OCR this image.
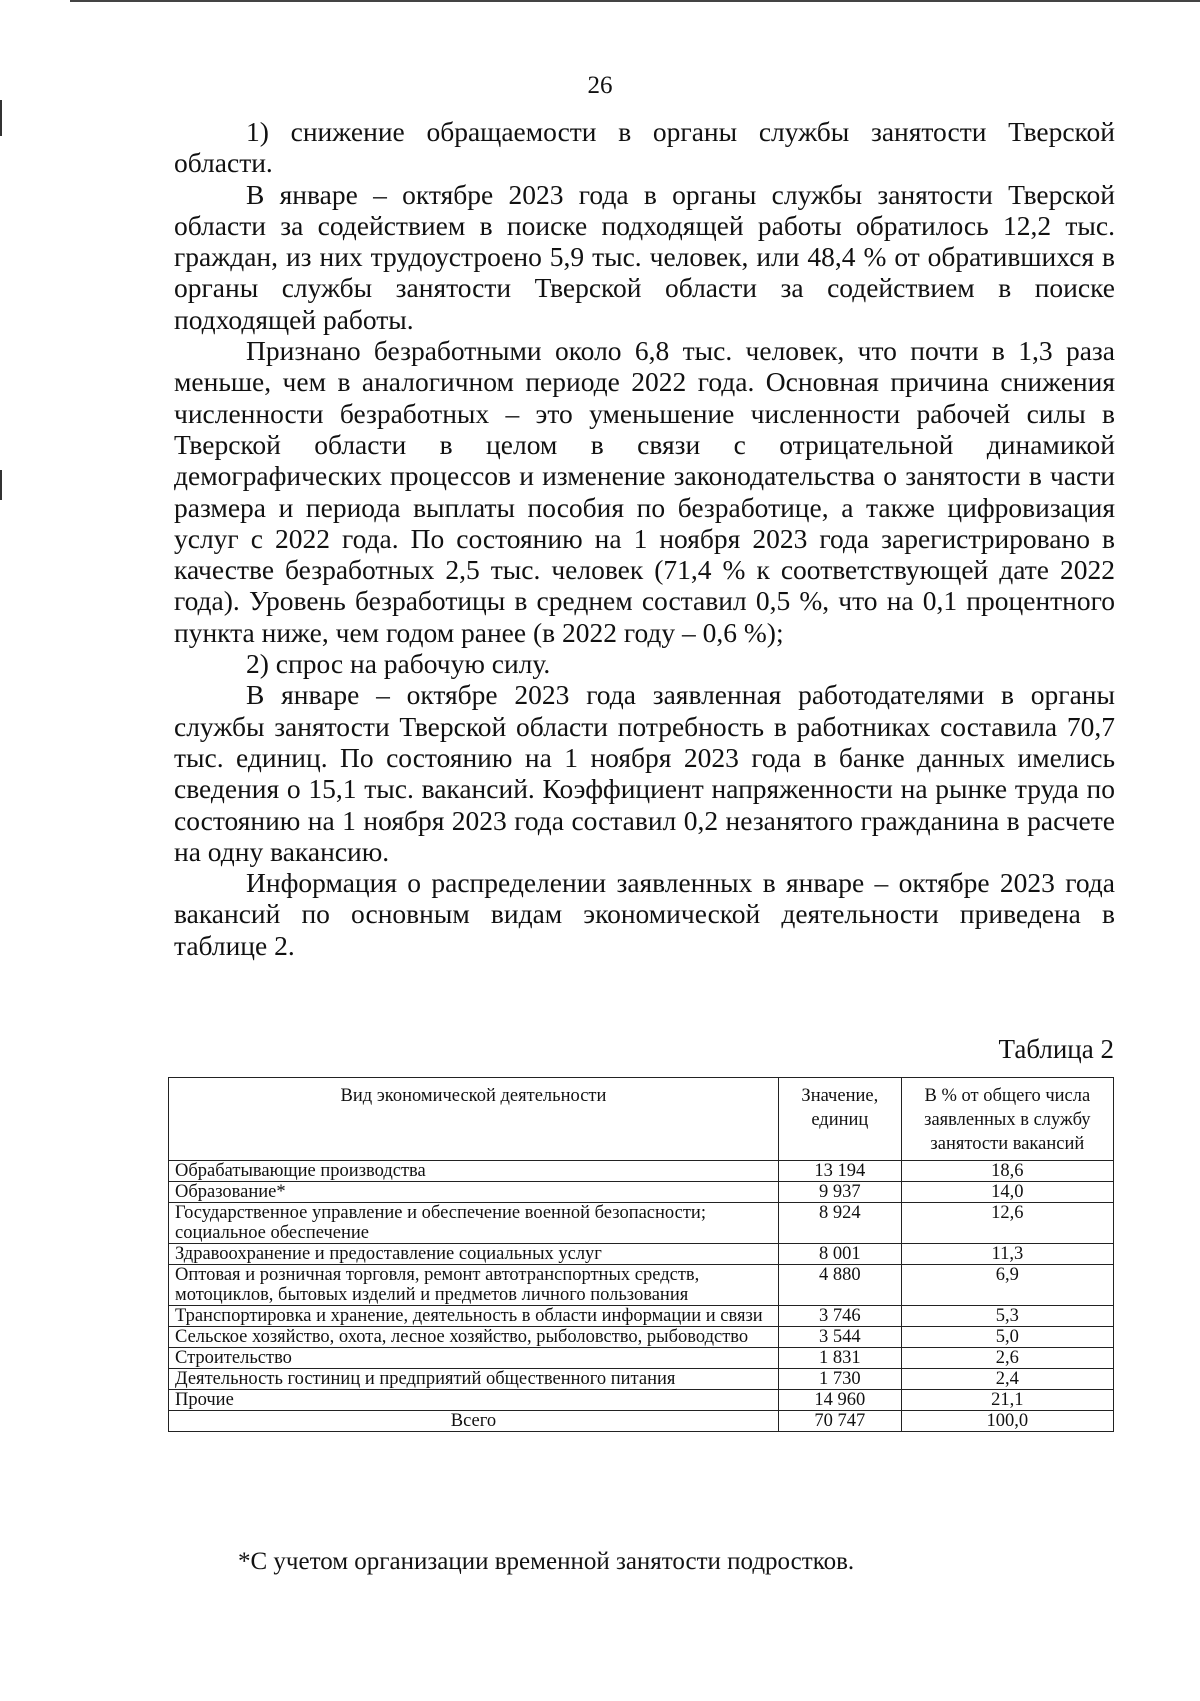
26

1) снижение обращаемости в органы службы занятости Тверской области.

В январе – октябре 2023 года в органы службы занятости Тверской области за содействием в поиске подходящей работы обратилось 12,2 тыс. граждан, из них трудоустроено 5,9 тыс. человек, или 48,4 % от обратившихся в органы службы занятости Тверской области за содействием в поиске подходящей работы.

Признано безработными около 6,8 тыс. человек, что почти в 1,3 раза меньше, чем в аналогичном периоде 2022 года. Основная причина снижения численности безработных – это уменьшение численности рабочей силы в Тверской области в целом в связи с отрицательной динамикой демографических процессов и изменение законодательства о занятости в части размера и периода выплаты пособия по безработице, а также цифровизация услуг с 2022 года. По состоянию на 1 ноября 2023 года зарегистрировано в качестве безработных 2,5 тыс. человек (71,4 % к соответствующей дате 2022 года). Уровень безработицы в среднем составил 0,5 %, что на 0,1 процентного пункта ниже, чем годом ранее (в 2022 году – 0,6 %);

2) спрос на рабочую силу.

В январе – октябре 2023 года заявленная работодателями в органы службы занятости Тверской области потребность в работниках составила 70,7 тыс. единиц. По состоянию на 1 ноября 2023 года в банке данных имелись сведения о 15,1 тыс. вакансий. Коэффициент напряженности на рынке труда по состоянию на 1 ноября 2023 года составил 0,2 незанятого гражданина в расчете на одну вакансию.

Информация о распределении заявленных в январе – октябре 2023 года вакансий по основным видам экономической деятельности приведена в таблице 2.

Таблица 2
Вид экономической деятельности	Значение, единиц	В % от общего числа заявленных в службу занятости вакансий
Обрабатывающие производства	13 194	18,6
Образование*	9 937	14,0
Государственное управление и обеспечение военной безопасности; социальное обеспечение	8 924	12,6
Здравоохранение и предоставление социальных услуг	8 001	11,3
Оптовая и розничная торговля, ремонт автотранспортных средств, мотоциклов, бытовых изделий и предметов личного пользования	4 880	6,9
Транспортировка и хранение, деятельность в области информации и связи	3 746	5,3
Сельское хозяйство, охота, лесное хозяйство, рыболовство, рыбоводство	3 544	5,0
Строительство	1 831	2,6
Деятельность гостиниц и предприятий общественного питания	1 730	2,4
Прочие	14 960	21,1
Всего	70 747	100,0
*С учетом организации временной занятости подростков.
